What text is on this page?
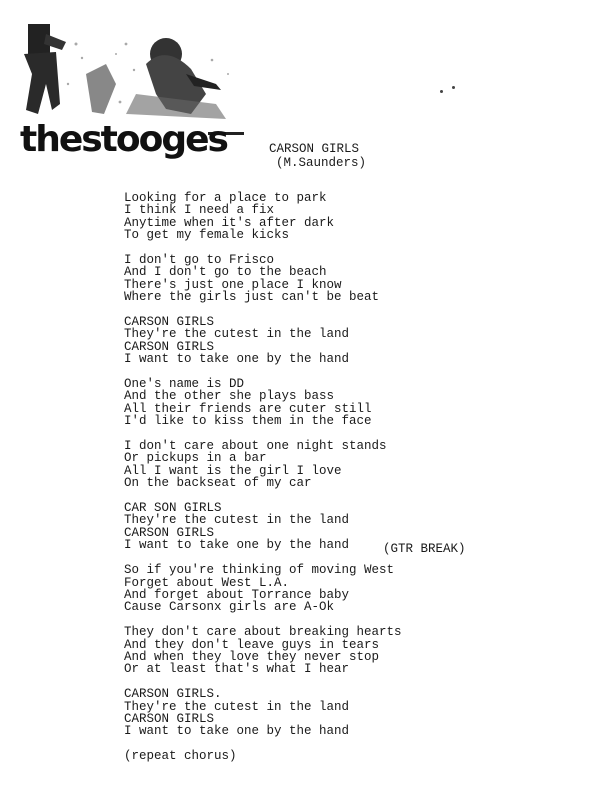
thestooges	CARSON GIRLS
(M.Saunders)
Looking for a place to park
I think I need a fix
Anytime when it's after dark
To get my female kicks
I don't go to Frisco
And I don't go to the beach
There's just one place I know
Where the girls just can't be beat
CARSON GIRLS
They're the cutest in the land
CARSON GIRLS
I want to take one by the hand
One's name is DD
And the other she plays bass
All their friends are cuter still
I'd like to kiss them in the face
I don't care about one night stands
Or pickups in a bar
All I want is the girl I love
On the backseat of my car
CAR SON GIRLS
They're the cutest in the land
CARSON GIRLS
I want to take one by the hand
So if you're thinking of moving West
Forget about West L.A.
And forget about Torrance baby
Cause Carsonx girls are A-Ok
They don't care about breaking hearts
And they don't leave guys in tears
And when they love they never stop
Or at least that's what I hear
CARSON GIRLS.
They're the cutest in the land
CARSON GIRLS
I want to take one by the hand
(repeat chorus)
(GTR BREAK)
